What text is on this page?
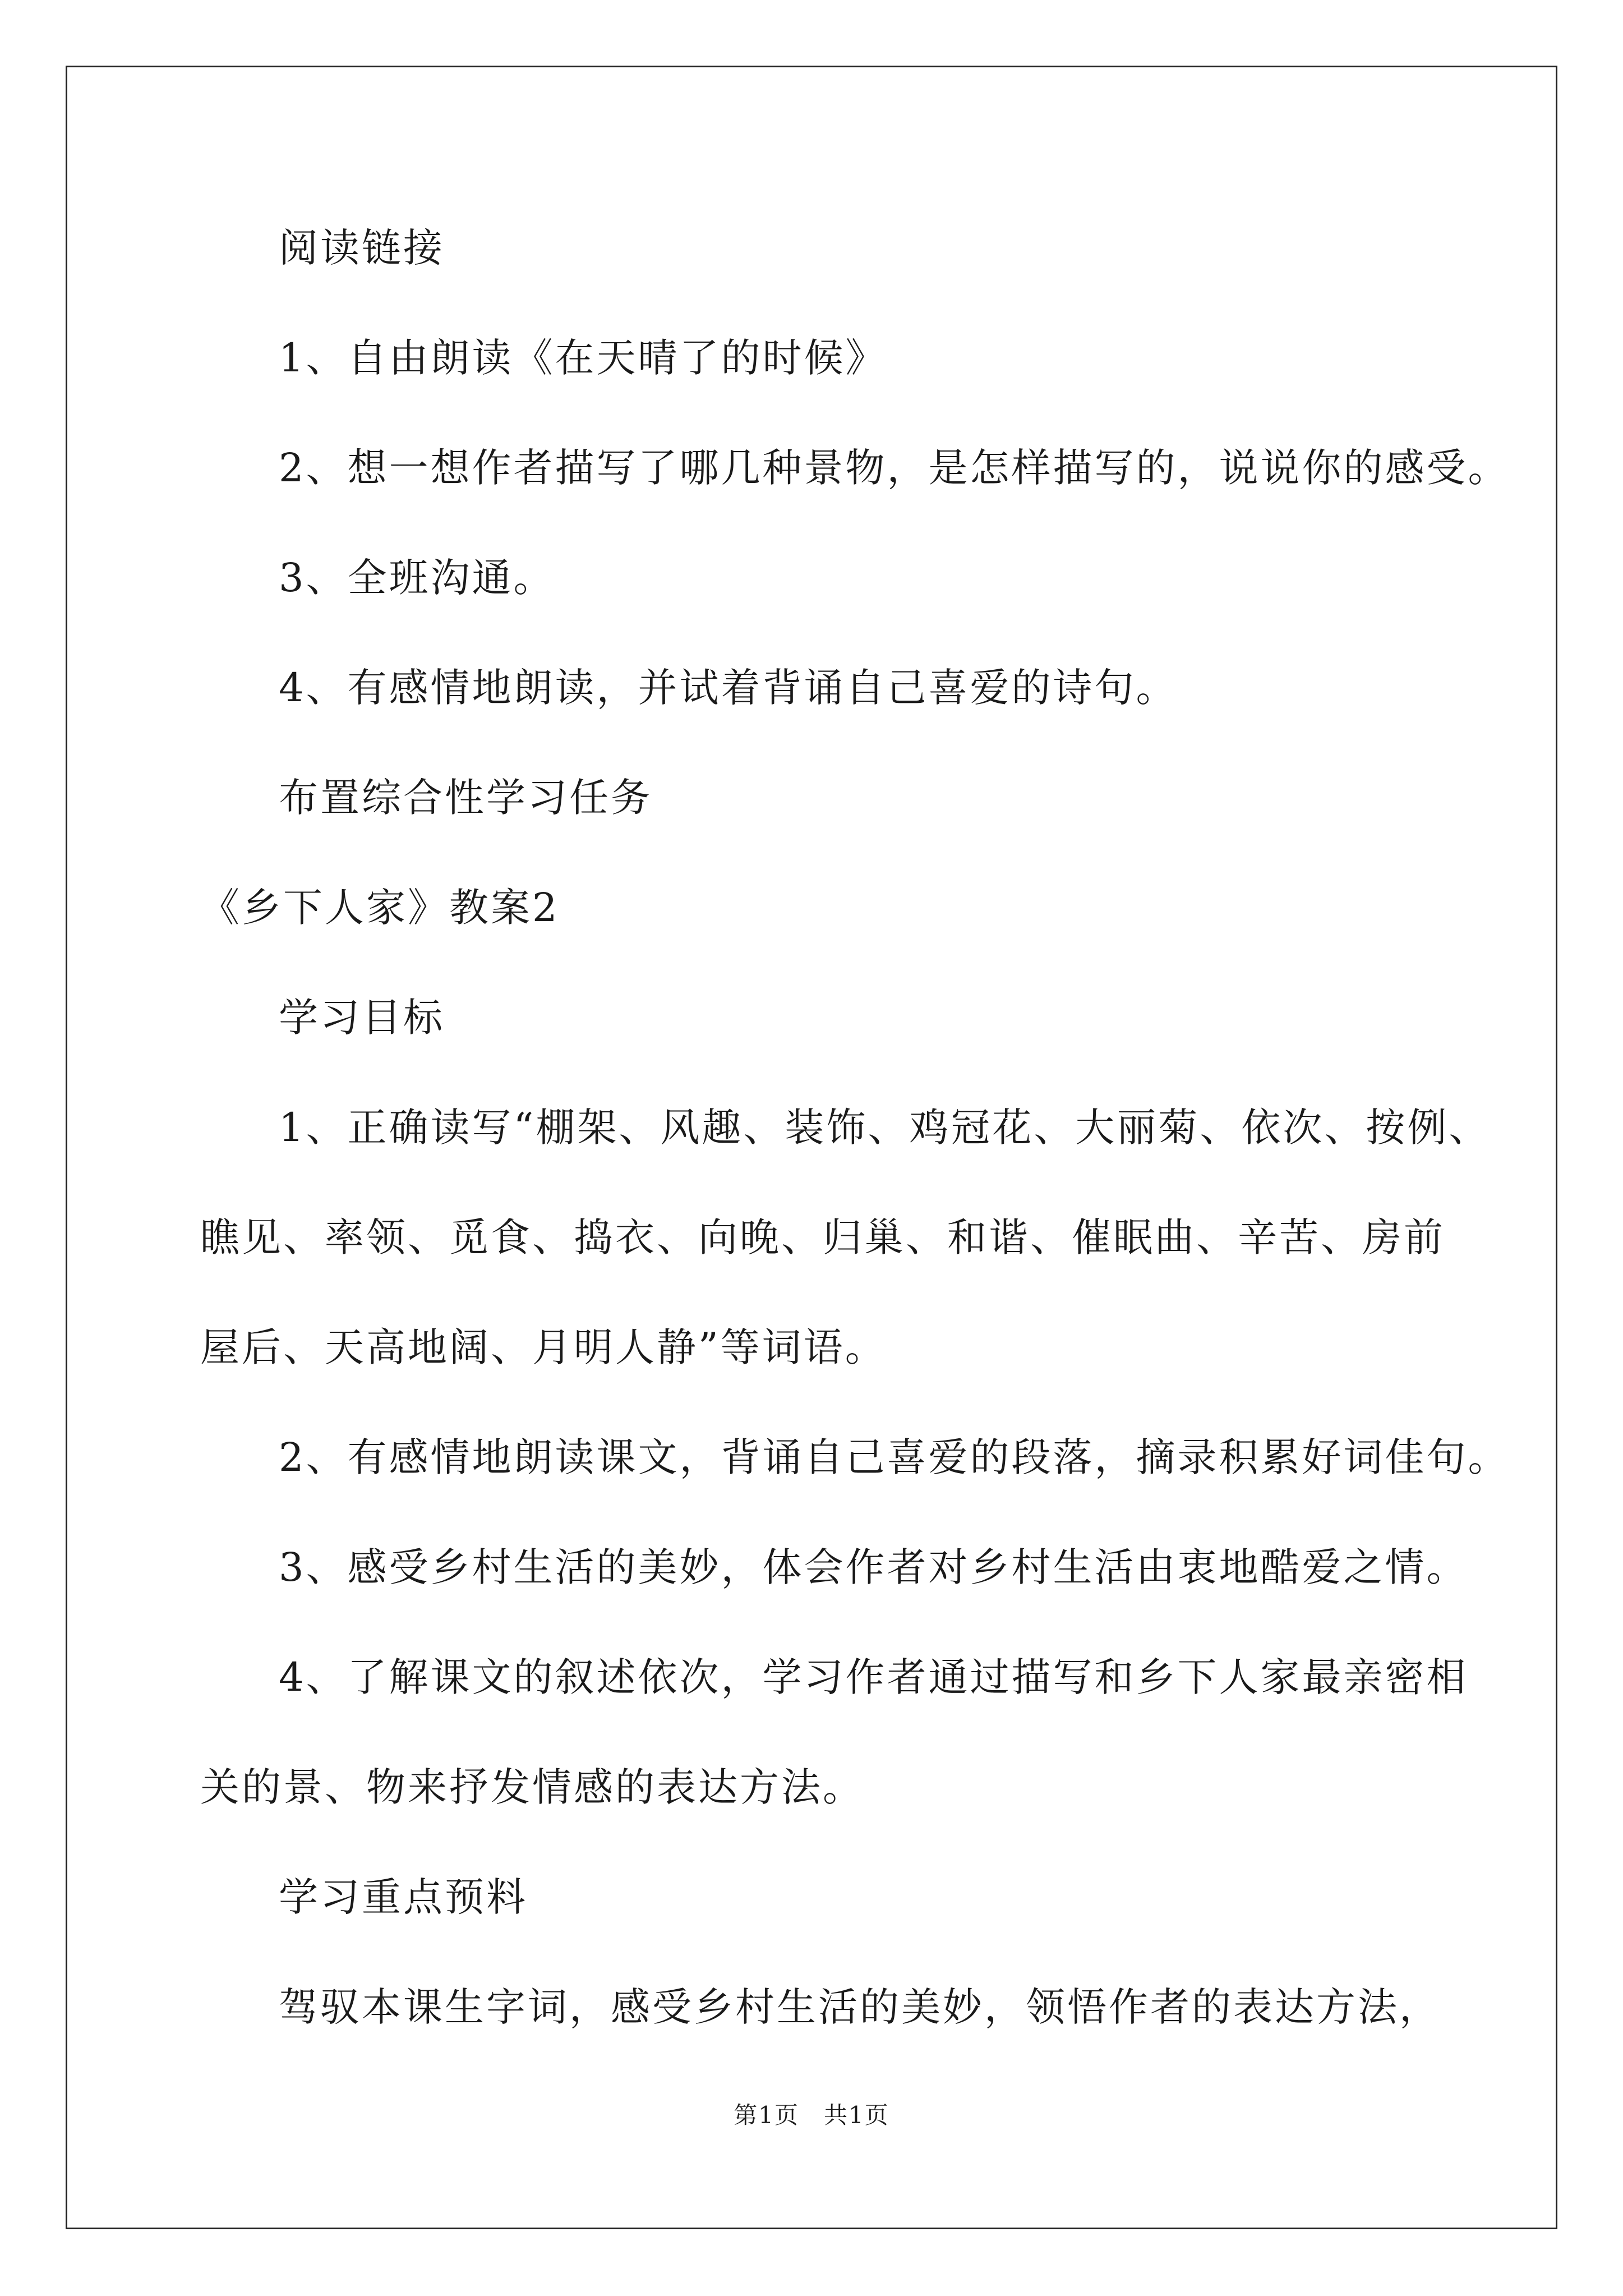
阅读链接
1、自由朗读《在天晴了的时候》
2、想一想作者描写了哪几种景物，是怎样描写的，说说你的感受。
3、全班沟通。
4、有感情地朗读，并试着背诵自己喜爱的诗句。
布置综合性学习任务
《乡下人家》教案2
学习目标
1、正确读写“棚架、风趣、装饰、鸡冠花、大丽菊、依次、按例、
瞧见、率领、觅食、捣衣、向晚、归巢、和谐、催眠曲、辛苦、房前
屋后、天高地阔、月明人静”等词语。
2、有感情地朗读课文，背诵自己喜爱的段落，摘录积累好词佳句。
3、感受乡村生活的美妙，体会作者对乡村生活由衷地酷爱之情。
4、了解课文的叙述依次，学习作者通过描写和乡下人家最亲密相
关的景、物来抒发情感的表达方法。
学习重点预料
驾驭本课生字词，感受乡村生活的美妙，领悟作者的表达方法，
第1页　共1页
